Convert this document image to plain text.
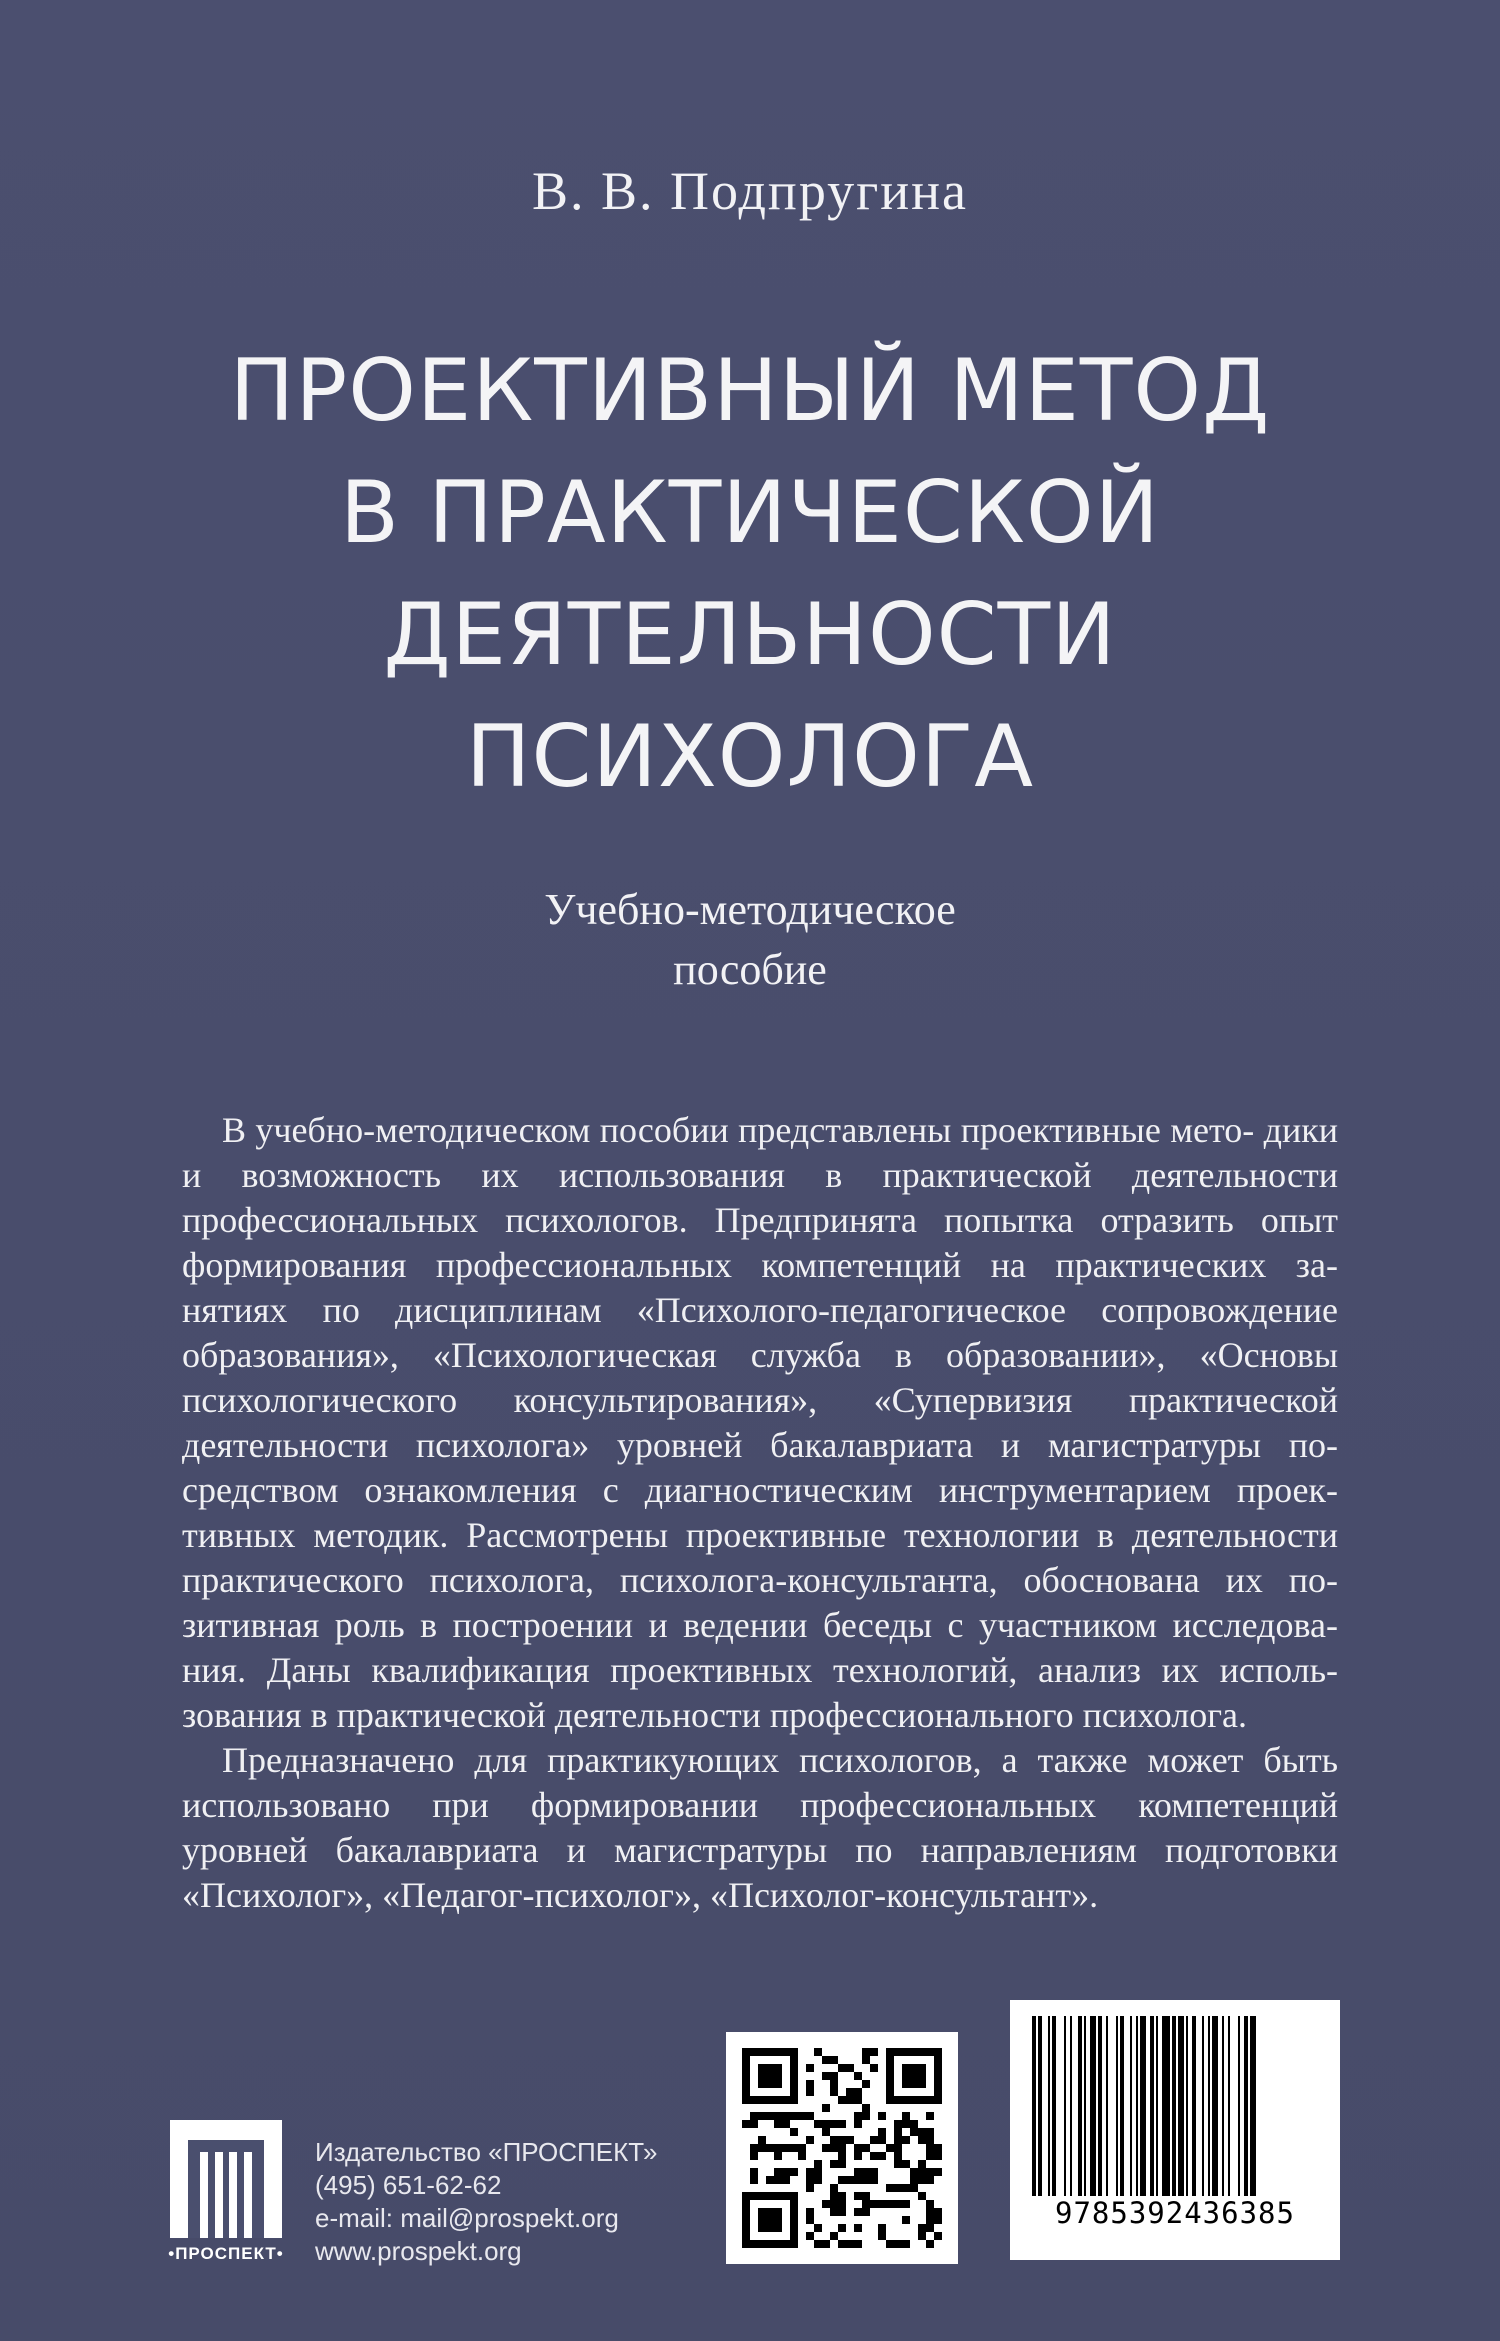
В. В. Подпругина
ПРОЕКТИВНЫЙ МЕТОД
В ПРАКТИЧЕСКОЙ
ДЕЯТЕЛЬНОСТИ
ПСИХОЛОГА
Учебно-методическое
пособие

В учебно-методическом пособии представлены проективные мето- дики и возможность их использования в практической деятельности профессиональных психологов. Предпринята попытка отразить опыт формирования профессиональных компетенций на практических за- нятиях по дисциплинам «Психолого-педагогическое сопровождение образования», «Психологическая служба в образовании», «Основы психологического консультирования», «Супервизия практической деятельности психолога» уровней бакалавриата и магистратуры по- средством ознакомления с диагностическим инструментарием проек- тивных методик. Рассмотрены проективные технологии в деятельности практического психолога, психолога-консультанта, обоснована их по- зитивная роль в построении и ведении беседы с участником исследова- ния. Даны квалификация проективных технологий, анализ их исполь- зования в практической деятельности профессионального психолога.

Предназначено для практикующих психологов, а также может быть использовано при формировании профессиональных компетенций уровней бакалавриата и магистратуры по направлениям подготовки «Психолог», «Педагог-психолог», «Психолог-консультант».

•ПРОСПЕКТ•
Издательство «ПРОСПЕКТ»
(495) 651-62-62
e-mail: mail@prospekt.org
www.prospekt.org
9785392436385
